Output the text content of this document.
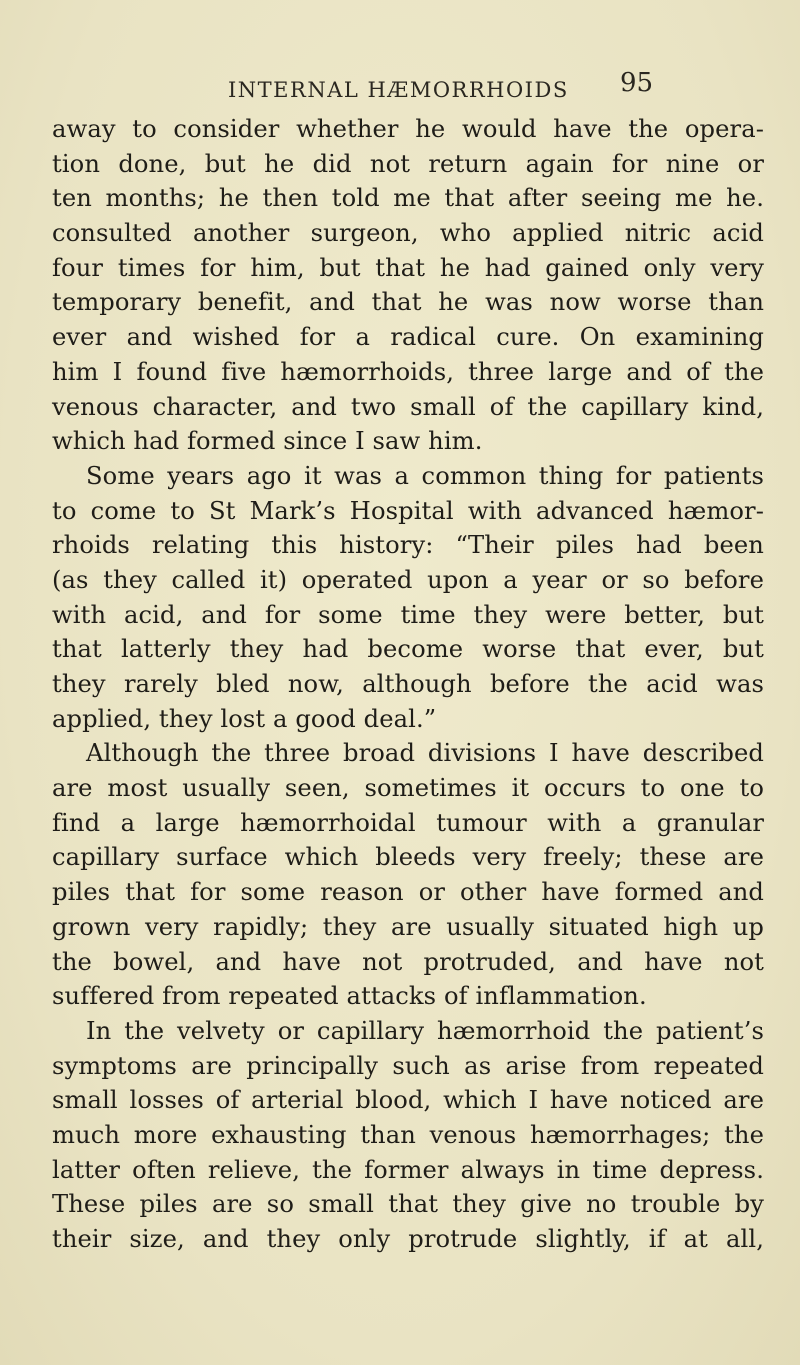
INTERNAL HÆMORRHOIDS 95
away to consider whether he would have the opera-
tion done, but he did not return again for nine or
ten months; he then told me that after seeing me he.
consulted another surgeon, who applied nitric acid
four times for him, but that he had gained only very
temporary benefit, and that he was now worse than
ever and wished for a radical cure. On examining
him I found five hæmorrhoids, three large and of the
venous character, and two small of the capillary kind,
which had formed since I saw him.
Some years ago it was a common thing for patients
to come to St Mark’s Hospital with advanced hæmor-
rhoids relating this history: “Their piles had been
(as they called it) operated upon a year or so before
with acid, and for some time they were better, but
that latterly they had become worse that ever, but
they rarely bled now, although before the acid was
applied, they lost a good deal.”
Although the three broad divisions I have described
are most usually seen, sometimes it occurs to one to
find a large hæmorrhoidal tumour with a granular
capillary surface which bleeds very freely; these are
piles that for some reason or other have formed and
grown very rapidly; they are usually situated high up
the bowel, and have not protruded, and have not
suffered from repeated attacks of inflammation.
In the velvety or capillary hæmorrhoid the patient’s
symptoms are principally such as arise from repeated
small losses of arterial blood, which I have noticed are
much more exhausting than venous hæmorrhages; the
latter often relieve, the former always in time depress.
These piles are so small that they give no trouble by
their size, and they only protrude slightly, if at all,
